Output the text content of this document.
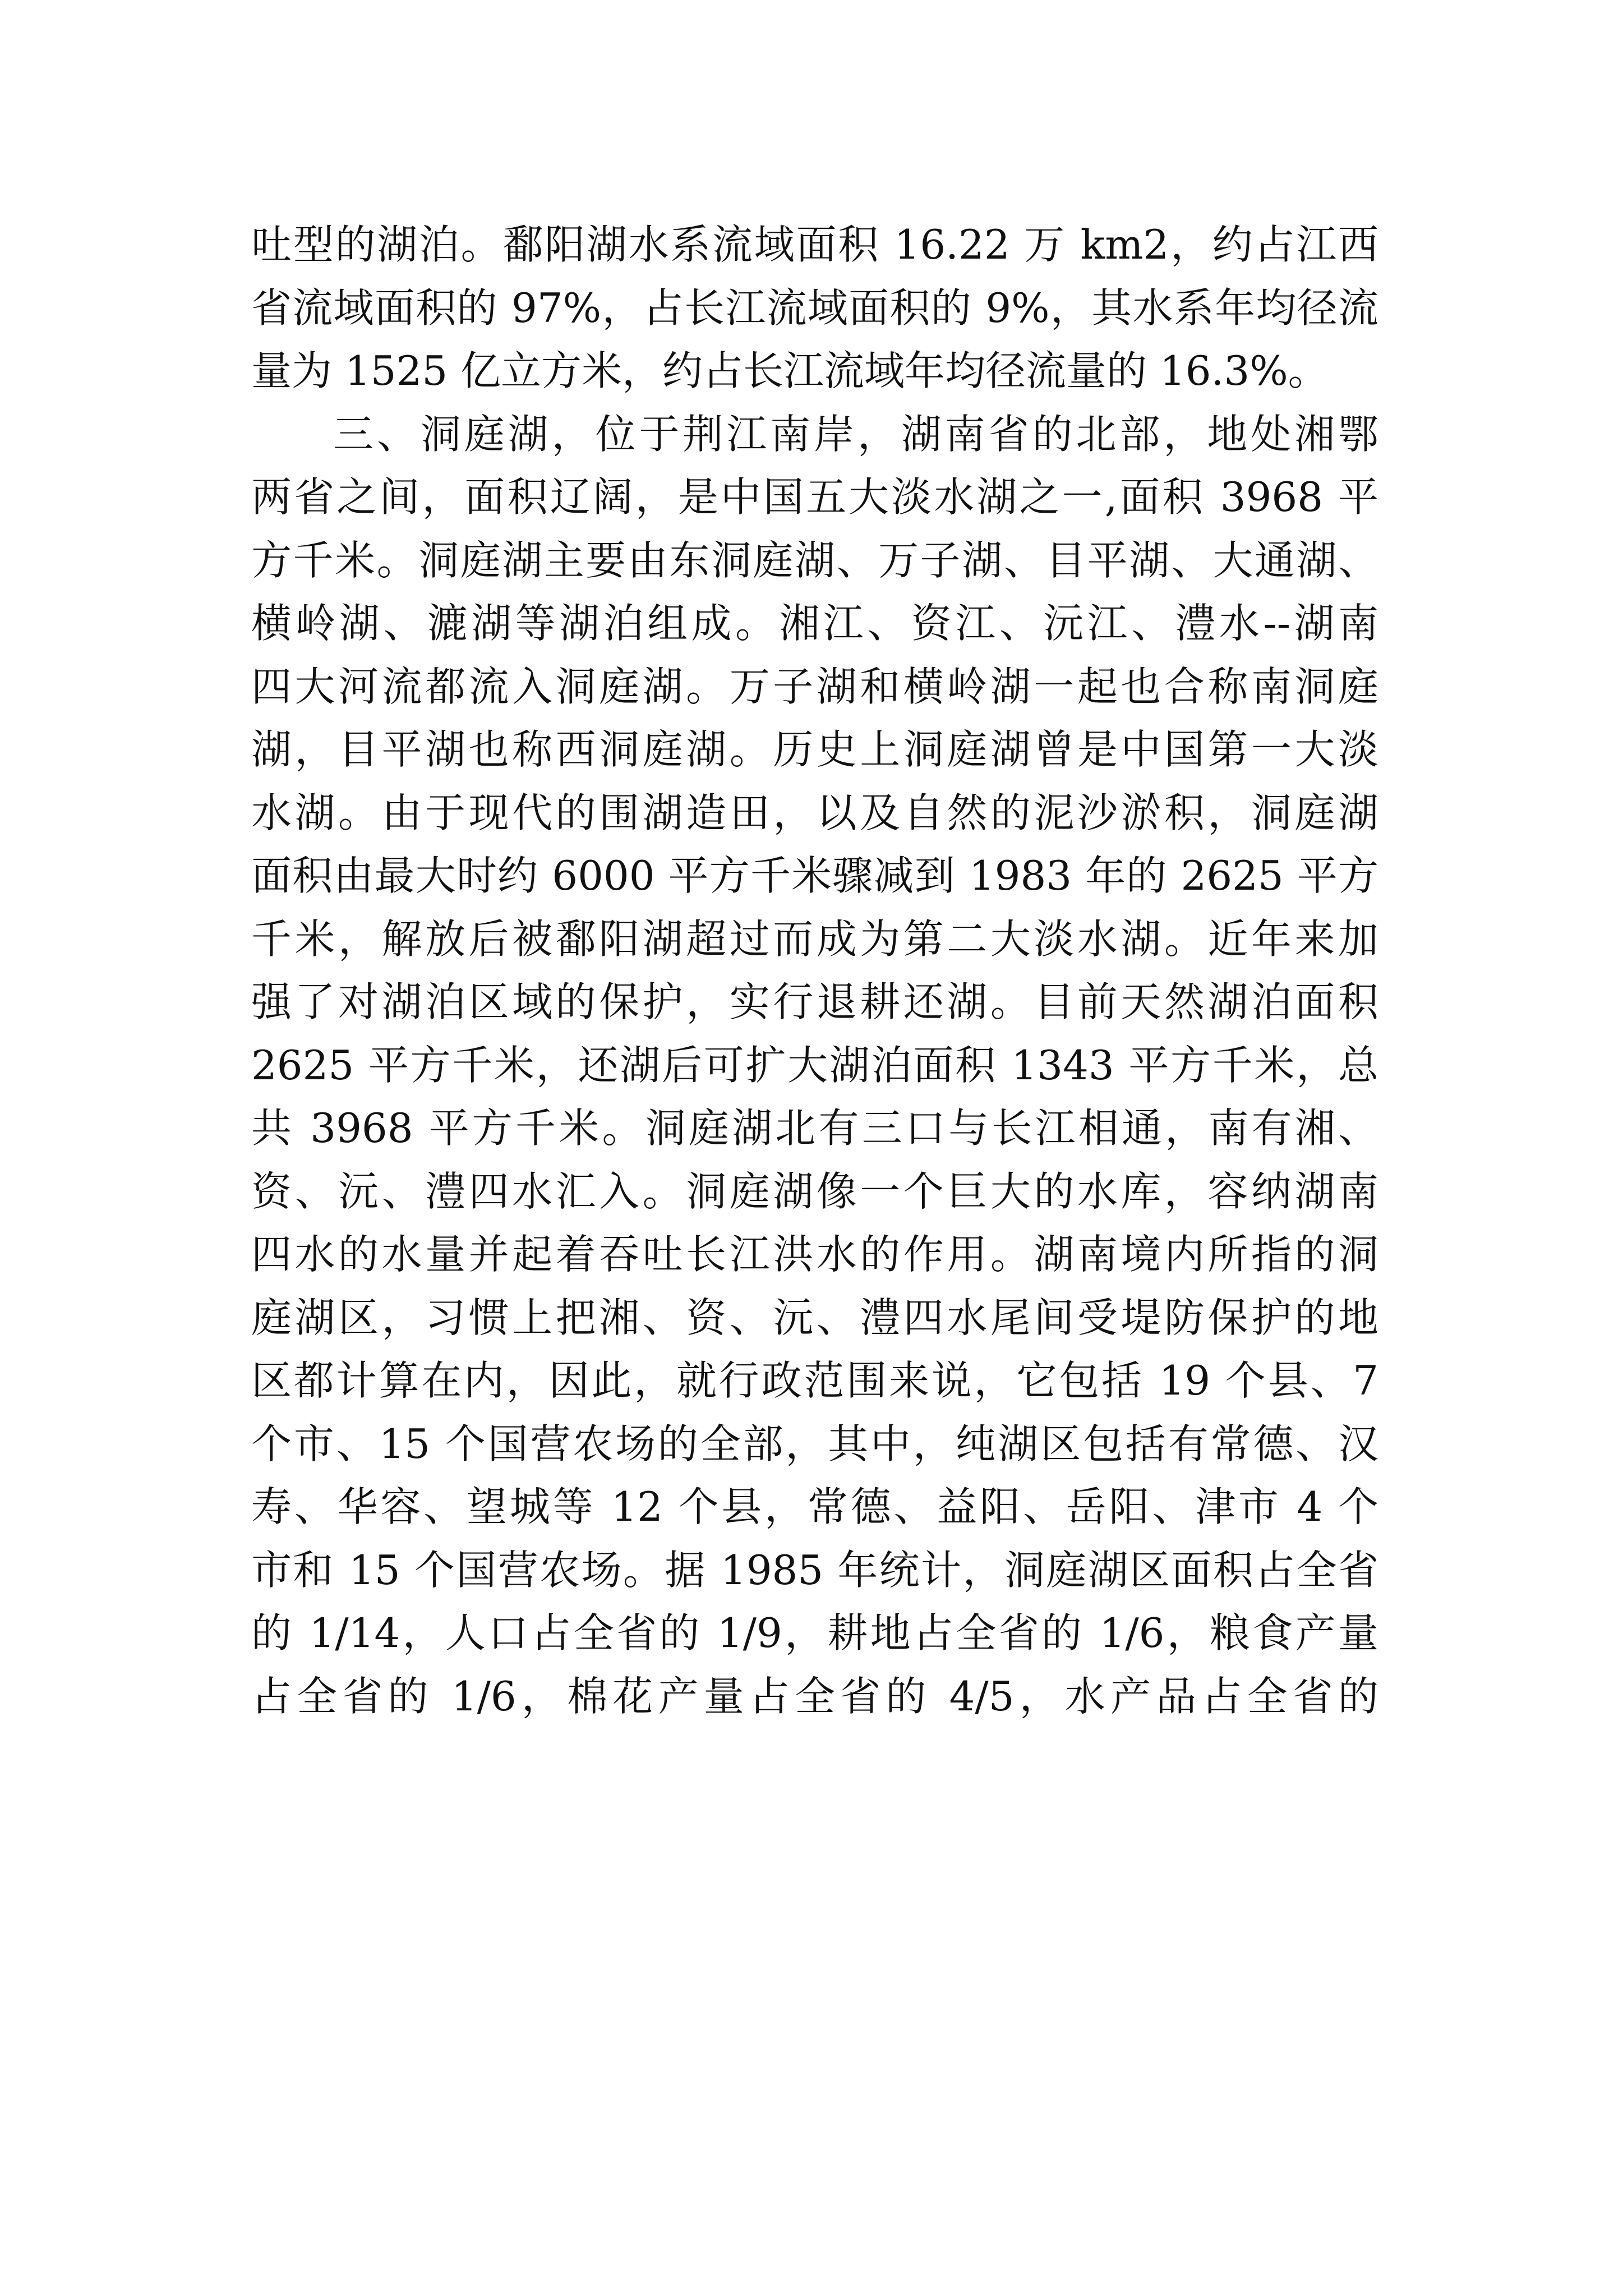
吐型的湖泊。鄱阳湖水系流域面积 16.22 万 km2，约占江西
省流域面积的 97%，占长江流域面积的 9%，其水系年均径流
量为 1525 亿立方米，约占长江流域年均径流量的 16.3%。
三、洞庭湖，位于荆江南岸，湖南省的北部，地处湘鄂
两省之间，面积辽阔，是中国五大淡水湖之一,面积 3968 平
方千米。洞庭湖主要由东洞庭湖、万子湖、目平湖、大通湖、
横岭湖、漉湖等湖泊组成。湘江、资江、沅江、澧水--湖南
四大河流都流入洞庭湖。万子湖和横岭湖一起也合称南洞庭
湖，目平湖也称西洞庭湖。历史上洞庭湖曾是中国第一大淡
水湖。由于现代的围湖造田，以及自然的泥沙淤积，洞庭湖
面积由最大时约 6000 平方千米骤减到 1983 年的 2625 平方
千米，解放后被鄱阳湖超过而成为第二大淡水湖。近年来加
强了对湖泊区域的保护，实行退耕还湖。目前天然湖泊面积
2625 平方千米，还湖后可扩大湖泊面积 1343 平方千米，总
共 3968 平方千米。洞庭湖北有三口与长江相通，南有湘、
资、沅、澧四水汇入。洞庭湖像一个巨大的水库，容纳湖南
四水的水量并起着吞吐长江洪水的作用。湖南境内所指的洞
庭湖区，习惯上把湘、资、沅、澧四水尾间受堤防保护的地
区都计算在内，因此，就行政范围来说，它包括 19 个县、7
个市、15 个国营农场的全部，其中，纯湖区包括有常德、汉
寿、华容、望城等 12 个县，常德、益阳、岳阳、津市 4 个
市和 15 个国营农场。据 1985 年统计，洞庭湖区面积占全省
的 1/14，人口占全省的 1/9，耕地占全省的 1/6，粮食产量
占全省的 1/6，棉花产量占全省的 4/5，水产品占全省的
